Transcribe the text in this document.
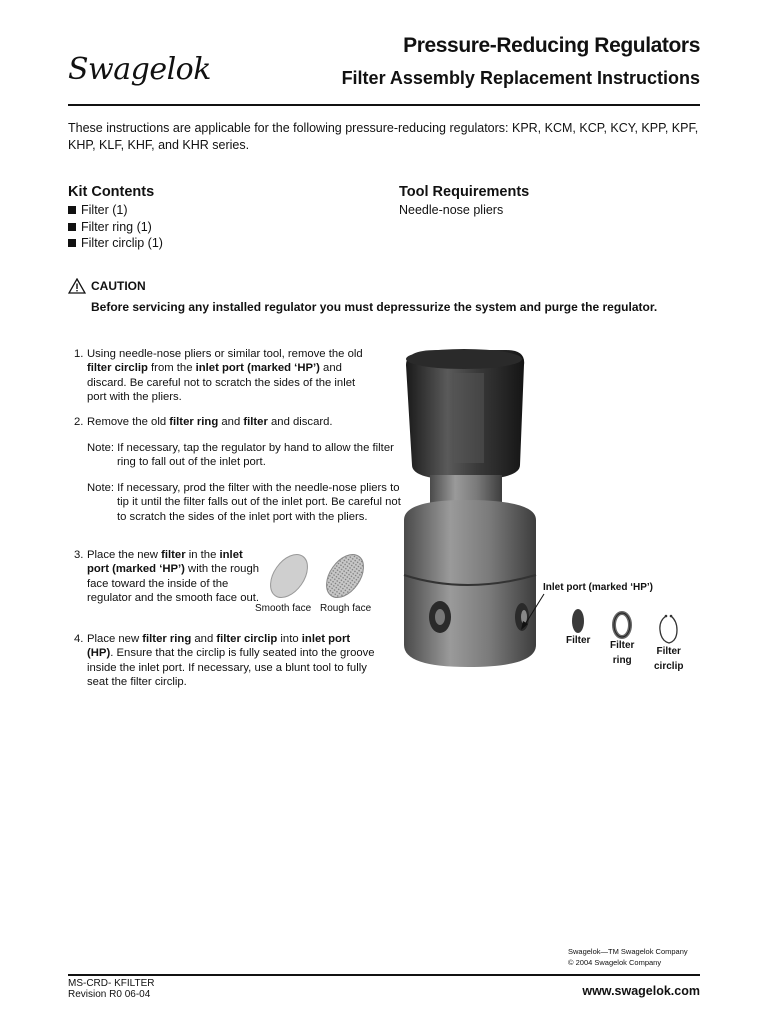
Swagelok
Pressure-Reducing Regulators
Filter Assembly Replacement Instructions
These instructions are applicable for the following pressure-reducing regulators: KPR, KCM, KCP, KCY, KPP, KPF, KHP, KLF, KHF, and KHR series.
Kit Contents
Filter (1)
Filter ring (1)
Filter circlip (1)
Tool Requirements
Needle-nose pliers
CAUTION
Before servicing any installed regulator you must depressurize the system and purge the regulator.
1. Using needle-nose pliers or similar tool, remove the old filter circlip from the inlet port (marked ‘HP’) and discard. Be careful not to scratch the sides of the inlet port with the pliers.
2. Remove the old filter ring and filter and discard.
Note: If necessary, tap the regulator by hand to allow the filter ring to fall out of the inlet port.
Note: If necessary, prod the filter with the needle-nose pliers to tip it until the filter falls out of the inlet port. Be careful not to scratch the sides of the inlet port with the pliers.
3. Place the new filter in the inlet port (marked ‘HP’) with the rough face toward the inside of the regulator and the smooth face out.
Smooth face Rough face
4. Place new filter ring and filter circlip into inlet port (HP). Ensure that the circlip is fully seated into the groove inside the inlet port. If necessary, use a blunt tool to fully seat the filter circlip.
Inlet port (marked ‘HP’)
Filter Filter
ring
Filter
circlip
Swagelok—TM Swagelok Company
© 2004 Swagelok Company
MS-CRD- KFILTER
Revision R0 06-04	www.swagelok.com
